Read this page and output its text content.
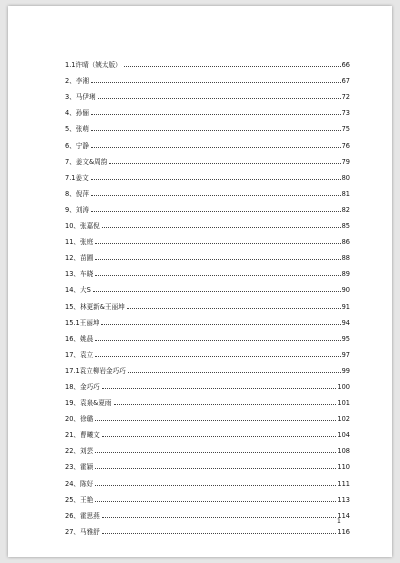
1.1许晴（姨太版）	66
2、李湘	67
3、马伊琍	72
4、孙俪	73
5、张萌	75
6、宁静	76
7、姜文&周韵	79
7.1姜文	80
8、倪萍	81
9、刘涛	82
10、张嘉倪	85
11、张庭	86
12、苗圃	88
13、车晓	89
14、大S	90
15、林更新&王丽坤	91
15.1王丽坤	94
16、姚晨	95
17、袁立	97
17.1袁立柳岩金巧巧	99
18、金巧巧	100
19、袁泉&夏雨	101
20、徐璐	102
21、曹曦文	104
22、刘芸	108
23、霍颖	110
24、陈好	111
25、王艳	113
26、霍思燕	114
27、马雅舒	116
1
